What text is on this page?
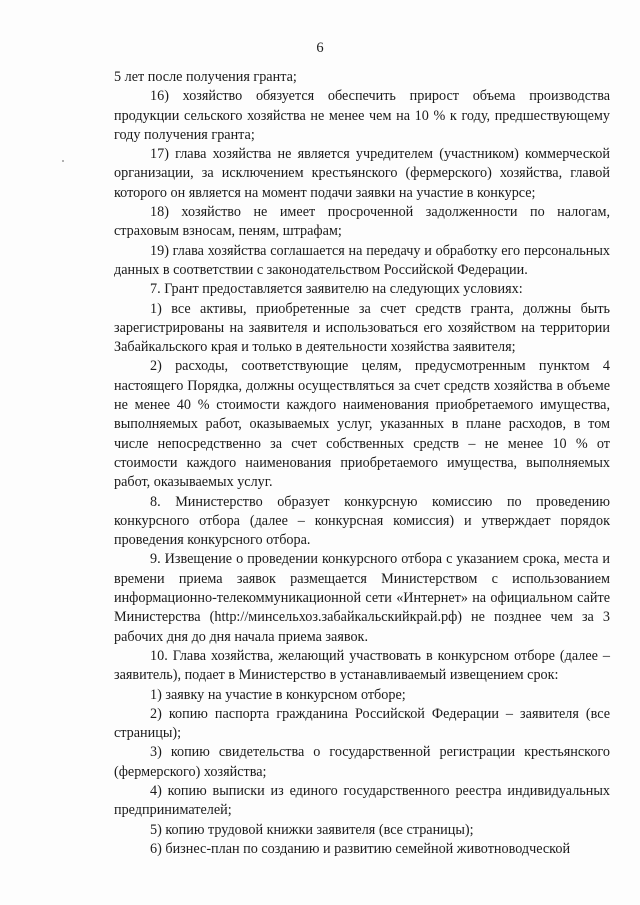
6

5 лет после получения гранта;

16) хозяйство обязуется обеспечить прирост объема производства продукции сельского хозяйства не менее чем на 10 % к году, предшествующему году получения гранта;

17) глава хозяйства не является учредителем (участником) коммерческой организации, за исключением крестьянского (фермерского) хозяйства, главой которого он является на момент подачи заявки на участие в конкурсе;

18) хозяйство не имеет просроченной задолженности по налогам, страховым взносам, пеням, штрафам;

19) глава хозяйства соглашается на передачу и обработку его персональных данных в соответствии с законодательством Российской Федерации.

7. Грант предоставляется заявителю на следующих условиях:

1) все активы, приобретенные за счет средств гранта, должны быть зарегистрированы на заявителя и использоваться его хозяйством на территории Забайкальского края и только в деятельности хозяйства заявителя;

2) расходы, соответствующие целям, предусмотренным пунктом 4 настоящего Порядка, должны осуществляться за счет средств хозяйства в объеме не менее 40 % стоимости каждого наименования приобретаемого имущества, выполняемых работ, оказываемых услуг, указанных в плане расходов, в том числе непосредственно за счет собственных средств – не менее 10 % от стоимости каждого наименования приобретаемого имущества, выполняемых работ, оказываемых услуг.

8. Министерство образует конкурсную комиссию по проведению конкурсного отбора (далее – конкурсная комиссия) и утверждает порядок проведения конкурсного отбора.

9. Извещение о проведении конкурсного отбора с указанием срока, места и времени приема заявок размещается Министерством с использованием информационно-телекоммуникационной сети «Интернет» на официальном сайте Министерства (http://минсельхоз.забайкальскийкрай.рф) не позднее чем за 3 рабочих дня до дня начала приема заявок.

10. Глава хозяйства, желающий участвовать в конкурсном отборе (далее – заявитель), подает в Министерство в устанавливаемый извещением срок:

1) заявку на участие в конкурсном отборе;

2) копию паспорта гражданина Российской Федерации – заявителя (все страницы);

3) копию свидетельства о государственной регистрации крестьянского (фермерского) хозяйства;

4) копию выписки из единого государственного реестра индивидуальных предпринимателей;

5) копию трудовой книжки заявителя (все страницы);

6) бизнес-план по созданию и развитию семейной животноводческой
